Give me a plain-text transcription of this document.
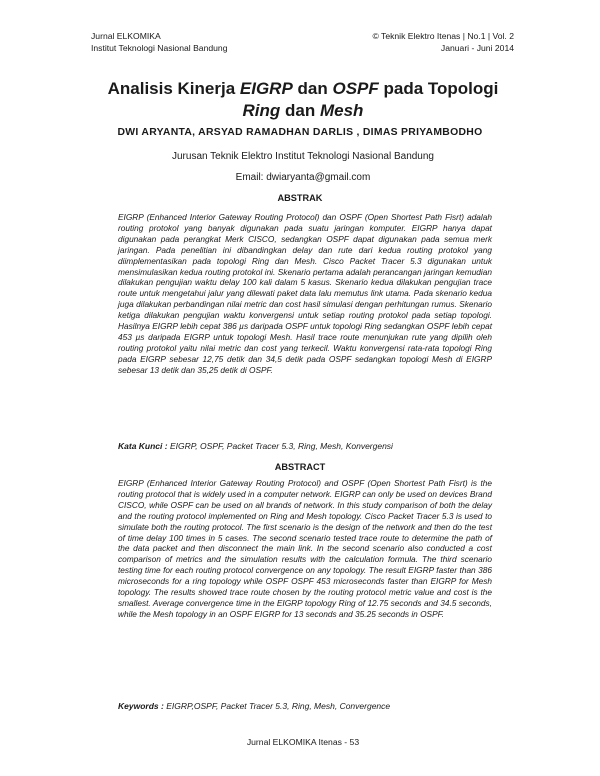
Jurnal ELKOMIKA
Institut Teknologi Nasional Bandung
© Teknik Elektro Itenas | No.1 | Vol. 2
Januari - Juni 2014
Analisis Kinerja EIGRP dan OSPF pada Topologi
Ring dan Mesh
DWI ARYANTA, ARSYAD RAMADHAN DARLIS , DIMAS PRIYAMBODHO
Jurusan Teknik Elektro Institut Teknologi Nasional Bandung
Email: dwiaryanta@gmail.com
ABSTRAK

EIGRP (Enhanced Interior Gateway Routing Protocol) dan OSPF (Open Shortest Path Fisrt) adalah routing protokol yang banyak digunakan pada suatu jaringan komputer. EIGRP hanya dapat digunakan pada perangkat Merk CISCO, sedangkan OSPF dapat digunakan pada semua merk jaringan. Pada penelitian ini dibandingkan delay dan rute dari kedua routing protokol yang diimplementasikan pada topologi Ring dan Mesh. Cisco Packet Tracer 5.3 digunakan untuk mensimulasikan kedua routing protokol ini. Skenario pertama adalah perancangan jaringan kemudian dilakukan pengujian waktu delay 100 kali dalam 5 kasus. Skenario kedua dilakukan pengujian trace route untuk mengetahui jalur yang dilewati paket data lalu memutus link utama. Pada skenario kedua juga dilakukan perbandingan nilai metric dan cost hasil simulasi dengan perhitungan rumus. Skenario ketiga dilakukan pengujian waktu konvergensi untuk setiap routing protokol pada setiap topologi. Hasilnya EIGRP lebih cepat 386 µs daripada OSPF untuk topologi Ring sedangkan OSPF lebih cepat 453 µs daripada EIGRP untuk topologi Mesh. Hasil trace route menunjukan rute yang dipilih oleh routing protokol yaitu nilai metric dan cost yang terkecil. Waktu konvergensi rata-rata topologi Ring pada EIGRP sebesar 12,75 detik dan 34,5 detik pada OSPF sedangkan topologi Mesh di EIGRP sebesar 13 detik dan 35,25 detik di OSPF.

Kata Kunci : EIGRP, OSPF, Packet Tracer 5.3, Ring, Mesh, Konvergensi
ABSTRACT

EIGRP (Enhanced Interior Gateway Routing Protocol) and OSPF (Open Shortest Path Fisrt) is the routing protocol that is widely used in a computer network. EIGRP can only be used on devices Brand CISCO, while OSPF can be used on all brands of network. In this study comparison of both the delay and the routing protocol implemented on Ring and Mesh topology. Cisco Packet Tracer 5.3 is used to simulate both the routing protocol. The first scenario is the design of the network and then do the test of time delay 100 times in 5 cases. The second scenario tested trace route to determine the path of the data packet and then disconnect the main link. In the second scenario also conducted a cost comparison of metrics and the simulation results with the calculation formula. The third scenario testing time for each routing protocol convergence on any topology. The result EIGRP faster than 386 microseconds for a ring topology while OSPF OSPF 453 microseconds faster than EIGRP for Mesh topology. The results showed trace route chosen by the routing protocol metric value and cost is the smallest. Average convergence time in the EIGRP topology Ring of 12.75 seconds and 34.5 seconds, while the Mesh topology in an OSPF EIGRP for 13 seconds and 35.25 seconds in OSPF.

Keywords : EIGRP,OSPF, Packet Tracer 5.3, Ring, Mesh, Convergence
Jurnal ELKOMIKA Itenas - 53
